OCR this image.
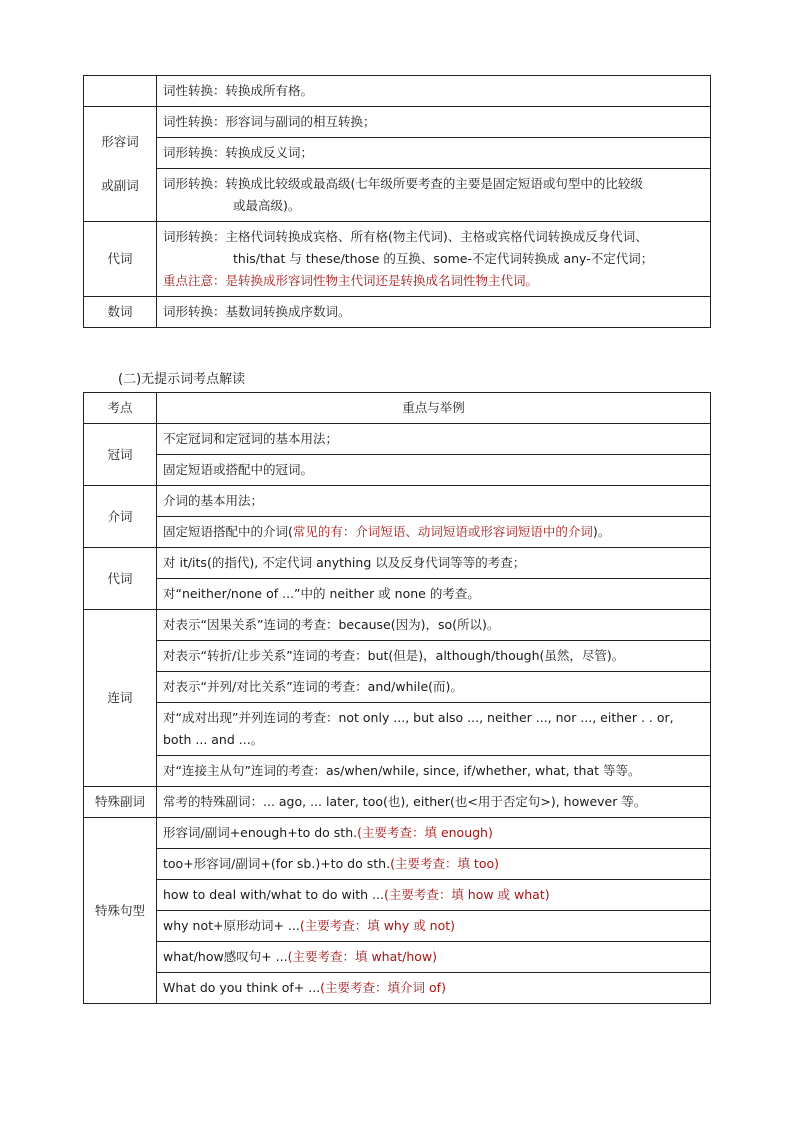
	词性转换：转换成所有格。
形容词

或副词	词性转换：形容词与副词的相互转换；
	词形转换：转换成反义词；
	词形转换：转换成比较级或最高级(七年级所要考查的主要是固定短语或句型中的比较级
或最高级)。

代词	词形转换：主格代词转换成宾格、所有格(物主代词)、主格或宾格代词转换成反身代词、
this/that 与 these/those 的互换、some-不定代词转换成 any-不定代词；
重点注意：是转换成形容词性物主代词还是转换成名词性物主代词。
数词	词形转换：基数词转换成序数词。
(二)无提示词考点解读
考点	重点与举例
冠词	不定冠词和定冠词的基本用法；
	固定短语或搭配中的冠词。
介词	介词的基本用法；
	固定短语搭配中的介词(常见的有：介词短语、动词短语或形容词短语中的介词)。
代词	对 it/its(的指代), 不定代词 anything 以及反身代词等等的考查；
	对“neither/none of ...”中的 neither 或 none 的考查。
连词	对表示“因果关系”连词的考查：because(因为)，so(所以)。
	对表示“转折/让步关系”连词的考查：but(但是)，although/though(虽然，尽管)。
	对表示“并列/对比关系”连词的考查：and/while(而)。
	对“成对出现”并列连词的考查：not only ..., but also ..., neither ..., nor ..., either . . or,
both ... and ...。
	对“连接主从句”连词的考查：as/when/while, since, if/whether, what, that 等等。
特殊副词	常考的特殊副词：... ago, ... later, too(也), either(也<用于否定句>), however 等。
特殊句型	形容词/副词+enough+to do sth.(主要考查：填 enough)
	too+形容词/副词+(for sb.)+to do sth.(主要考查：填 too)
	how to deal with/what to do with ...(主要考查：填 how 或 what)
	why not+原形动词+ ...(主要考查：填 why 或 not)
	what/how感叹句+ ...(主要考查：填 what/how)
	What do you think of+ ...(主要考查：填介词 of)
